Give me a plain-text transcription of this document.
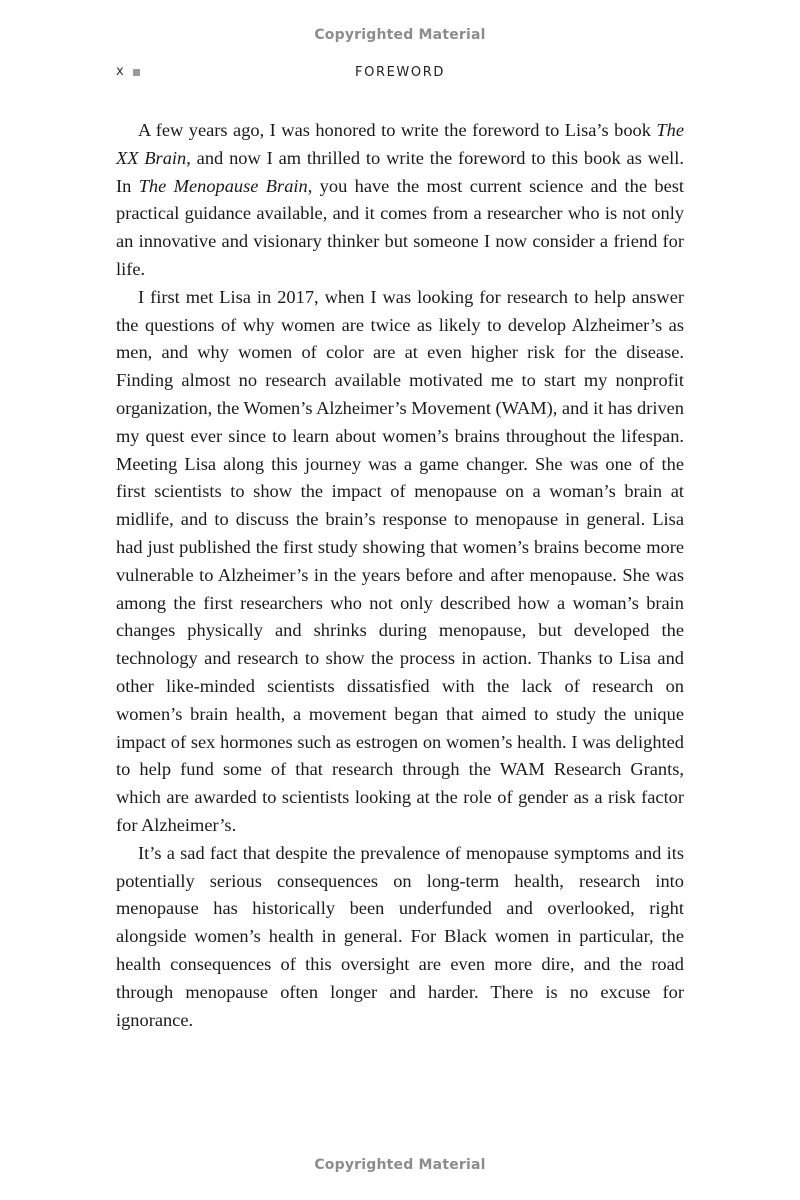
Copyrighted Material
x	FOREWORD

A few years ago, I was honored to write the foreword to Lisa’s book The XX Brain, and now I am thrilled to write the foreword to this book as well. In The Menopause Brain, you have the most current science and the best practical guidance available, and it comes from a researcher who is not only an innovative and visionary thinker but someone I now consider a friend for life.

I first met Lisa in 2017, when I was looking for research to help answer the questions of why women are twice as likely to develop Alzheimer’s as men, and why women of color are at even higher risk for the disease. Finding almost no research available motivated me to start my nonprofit organization, the Women’s Alzheimer’s Movement (WAM), and it has driven my quest ever since to learn about women’s brains throughout the lifespan. Meeting Lisa along this journey was a game changer. She was one of the first scientists to show the impact of menopause on a woman’s brain at midlife, and to discuss the brain’s response to menopause in general. Lisa had just published the first study showing that women’s brains become more vulnerable to Alzheimer’s in the years before and after menopause. She was among the first researchers who not only described how a woman’s brain changes physically and shrinks during menopause, but developed the technology and research to show the process in action. Thanks to Lisa and other like-minded scientists dissatisfied with the lack of research on women’s brain health, a movement began that aimed to study the unique impact of sex hormones such as estrogen on women’s health. I was delighted to help fund some of that research through the WAM Research Grants, which are awarded to scientists looking at the role of gender as a risk factor for Alzheimer’s.

It’s a sad fact that despite the prevalence of menopause symptoms and its potentially serious consequences on long-term health, research into menopause has historically been underfunded and overlooked, right alongside women’s health in general. For Black women in particular, the health consequences of this oversight are even more dire, and the road through menopause often longer and harder. There is no excuse for ignorance.

Copyrighted Material
